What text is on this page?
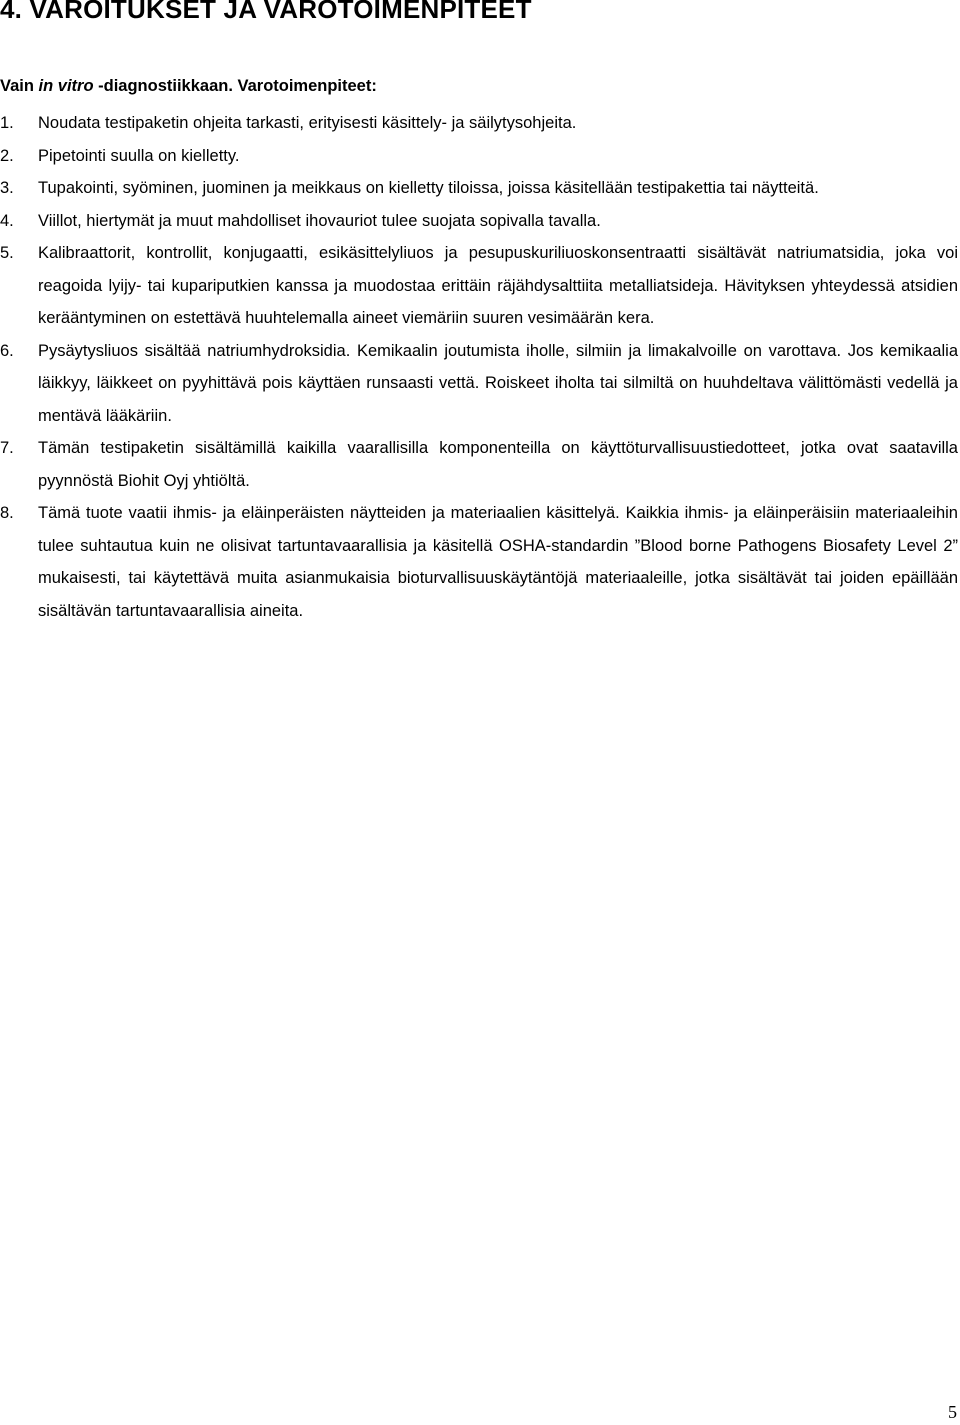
4. VAROITUKSET JA VAROTOIMENPITEET
Vain in vitro -diagnostiikkaan. Varotoimenpiteet:
1. Noudata testipaketin ohjeita tarkasti, erityisesti käsittely- ja säilytysohjeita.
2. Pipetointi suulla on kielletty.
3. Tupakointi, syöminen, juominen ja meikkaus on kielletty tiloissa, joissa käsitellään testipakettia tai näytteitä.
4. Viillot, hiertymät ja muut mahdolliset ihovauriot tulee suojata sopivalla tavalla.
5. Kalibraattorit, kontrollit, konjugaatti, esikäsittelyliuos ja pesupuskuriliuoskonsentraatti sisältävät natriumatsidia, joka voi reagoida lyijy- tai kupariputkien kanssa ja muodostaa erittäin räjähdysalttiita metalliatsideja. Hävityksen yhteydessä atsidien kerääntyminen on estettävä huuhtelemalla aineet viemäriin suuren vesimäärän kera.
6. Pysäytysliuos sisältää natriumhydroksidia. Kemikaalin joutumista iholle, silmiin ja limakalvoille on varottava. Jos kemikaalia läikkyy, läikkeet on pyyhittävä pois käyttäen runsaasti vettä. Roiskeet iholta tai silmiltä on huuhdeltava välittömästi vedellä ja mentävä lääkäriin.
7. Tämän testipaketin sisältämillä kaikilla vaarallisilla komponenteilla on käyttöturvallisuustiedotteet, jotka ovat saatavilla pyynnöstä Biohit Oyj yhtiöltä.
8. Tämä tuote vaatii ihmis- ja eläinperäisten näytteiden ja materiaalien käsittelyä. Kaikkia ihmis- ja eläinperäisiin materiaaleihin tulee suhtautua kuin ne olisivat tartuntavaarallisia ja käsitellä OSHA-standardin ”Blood borne Pathogens Biosafety Level 2” mukaisesti, tai käytettävä muita asianmukaisia bioturvallisuuskäytäntöjä materiaaleille, jotka sisältävät tai joiden epäillään sisältävän tartuntavaarallisia aineita.
5
